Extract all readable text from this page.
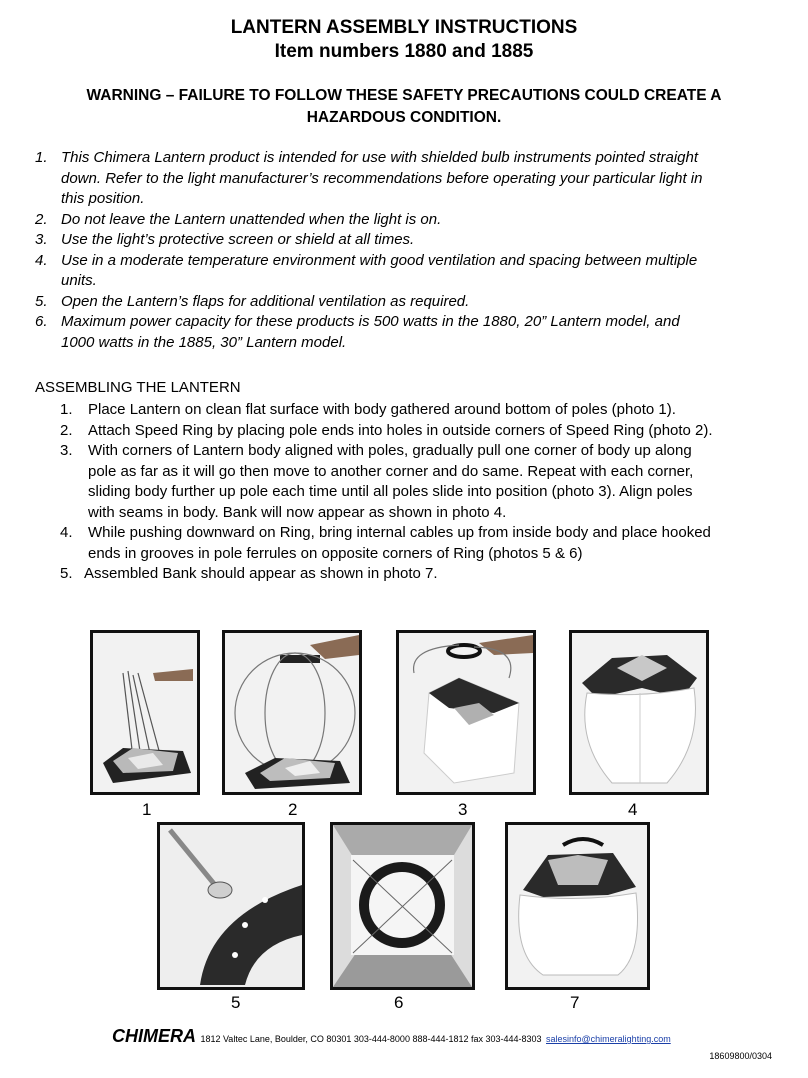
LANTERN ASSEMBLY INSTRUCTIONS
Item numbers 1880 and 1885
WARNING – FAILURE TO FOLLOW THESE SAFETY PRECAUTIONS COULD CREATE A
HAZARDOUS CONDITION.
1. This Chimera Lantern product is intended for use with shielded bulb instruments pointed straight
down. Refer to the light manufacturer’s recommendations before operating your particular light in
this position.
2. Do not leave the Lantern unattended when the light is on.
3. Use the light’s protective screen or shield at all times.
4. Use in a moderate temperature environment with good ventilation and spacing between multiple
units.
5. Open the Lantern’s flaps for additional ventilation as required.
6. Maximum power capacity for these products is 500 watts in the 1880, 20” Lantern model, and
1000 watts in the 1885, 30” Lantern model.
ASSEMBLING THE LANTERN
1. Place Lantern on clean flat surface with body gathered around bottom of poles (photo 1).
2. Attach Speed Ring by placing pole ends into holes in outside corners of Speed Ring (photo 2).
3. With corners of Lantern body aligned with poles, gradually pull one corner of body up along
pole as far as it will go then move to another corner and do same. Repeat with each corner,
sliding body further up pole each time until all poles slide into position (photo 3). Align poles
with seams in body. Bank will now appear as shown in photo 4.
4. While pushing downward on Ring, bring internal cables up from inside body and place hooked
ends in grooves in pole ferrules on opposite corners of Ring (photos 5 & 6)
5. Assembled Bank should appear as shown in photo 7.
1	2	3	4
5	6	7
CHIMERA 1812 Valtec Lane, Boulder, CO 80301 303-444-8000 888-444-1812 fax 303-444-8303 salesinfo@chimeralighting.com
18609800/0304
